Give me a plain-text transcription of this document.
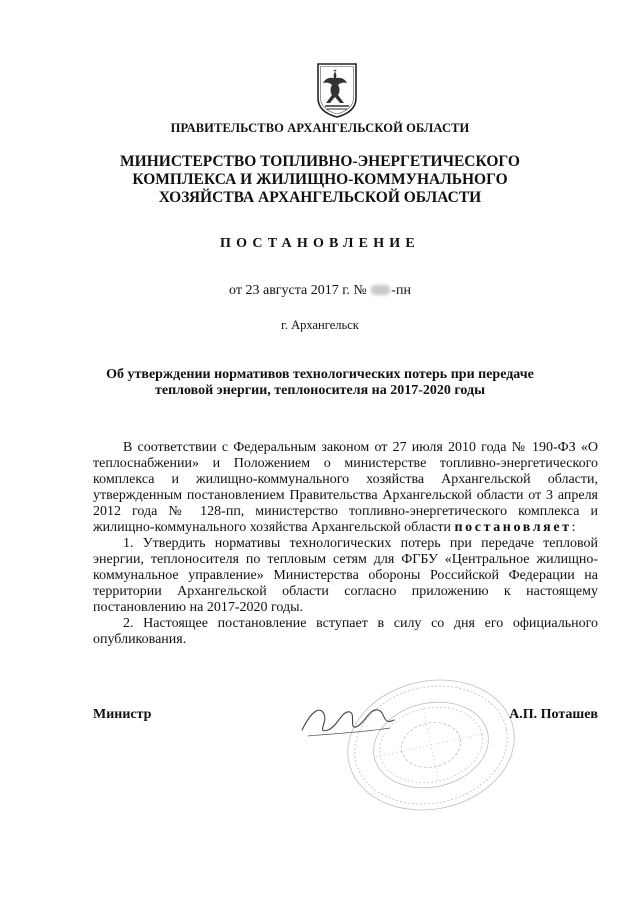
ПРАВИТЕЛЬСТВО АРХАНГЕЛЬСКОЙ ОБЛАСТИ
МИНИСТЕРСТВО ТОПЛИВНО-ЭНЕРГЕТИЧЕСКОГО
КОМПЛЕКСА И ЖИЛИЩНО-КОММУНАЛЬНОГО
ХОЗЯЙСТВА АРХАНГЕЛЬСКОЙ ОБЛАСТИ
ПОСТАНОВЛЕНИЕ
от 23 августа 2017 г. № -пн
г. Архангельск
Об утверждении нормативов технологических потерь при передаче
тепловой энергии, теплоносителя на 2017-2020 годы

В соответствии с Федеральным законом от 27 июля 2010 года № 190-ФЗ «О теплоснабжении» и Положением о министерстве топливно-энергетического комплекса и жилищно-коммунального хозяйства Архангельской области, утвержденным постановлением Правительства Архангельской области от 3 апреля 2012 года № 128-пп, министерство топливно-энергетического комплекса и жилищно-коммунального хозяйства Архангельской области постановляет:

1. Утвердить нормативы технологических потерь при передаче тепловой энергии, теплоносителя по тепловым сетям для ФГБУ «Центральное жилищно-коммунальное управление» Министерства обороны Российской Федерации на территории Архангельской области согласно приложению к настоящему постановлению на 2017-2020 годы.

2. Настоящее постановление вступает в силу со дня его официального опубликования.

Министр	А.П. Поташев
